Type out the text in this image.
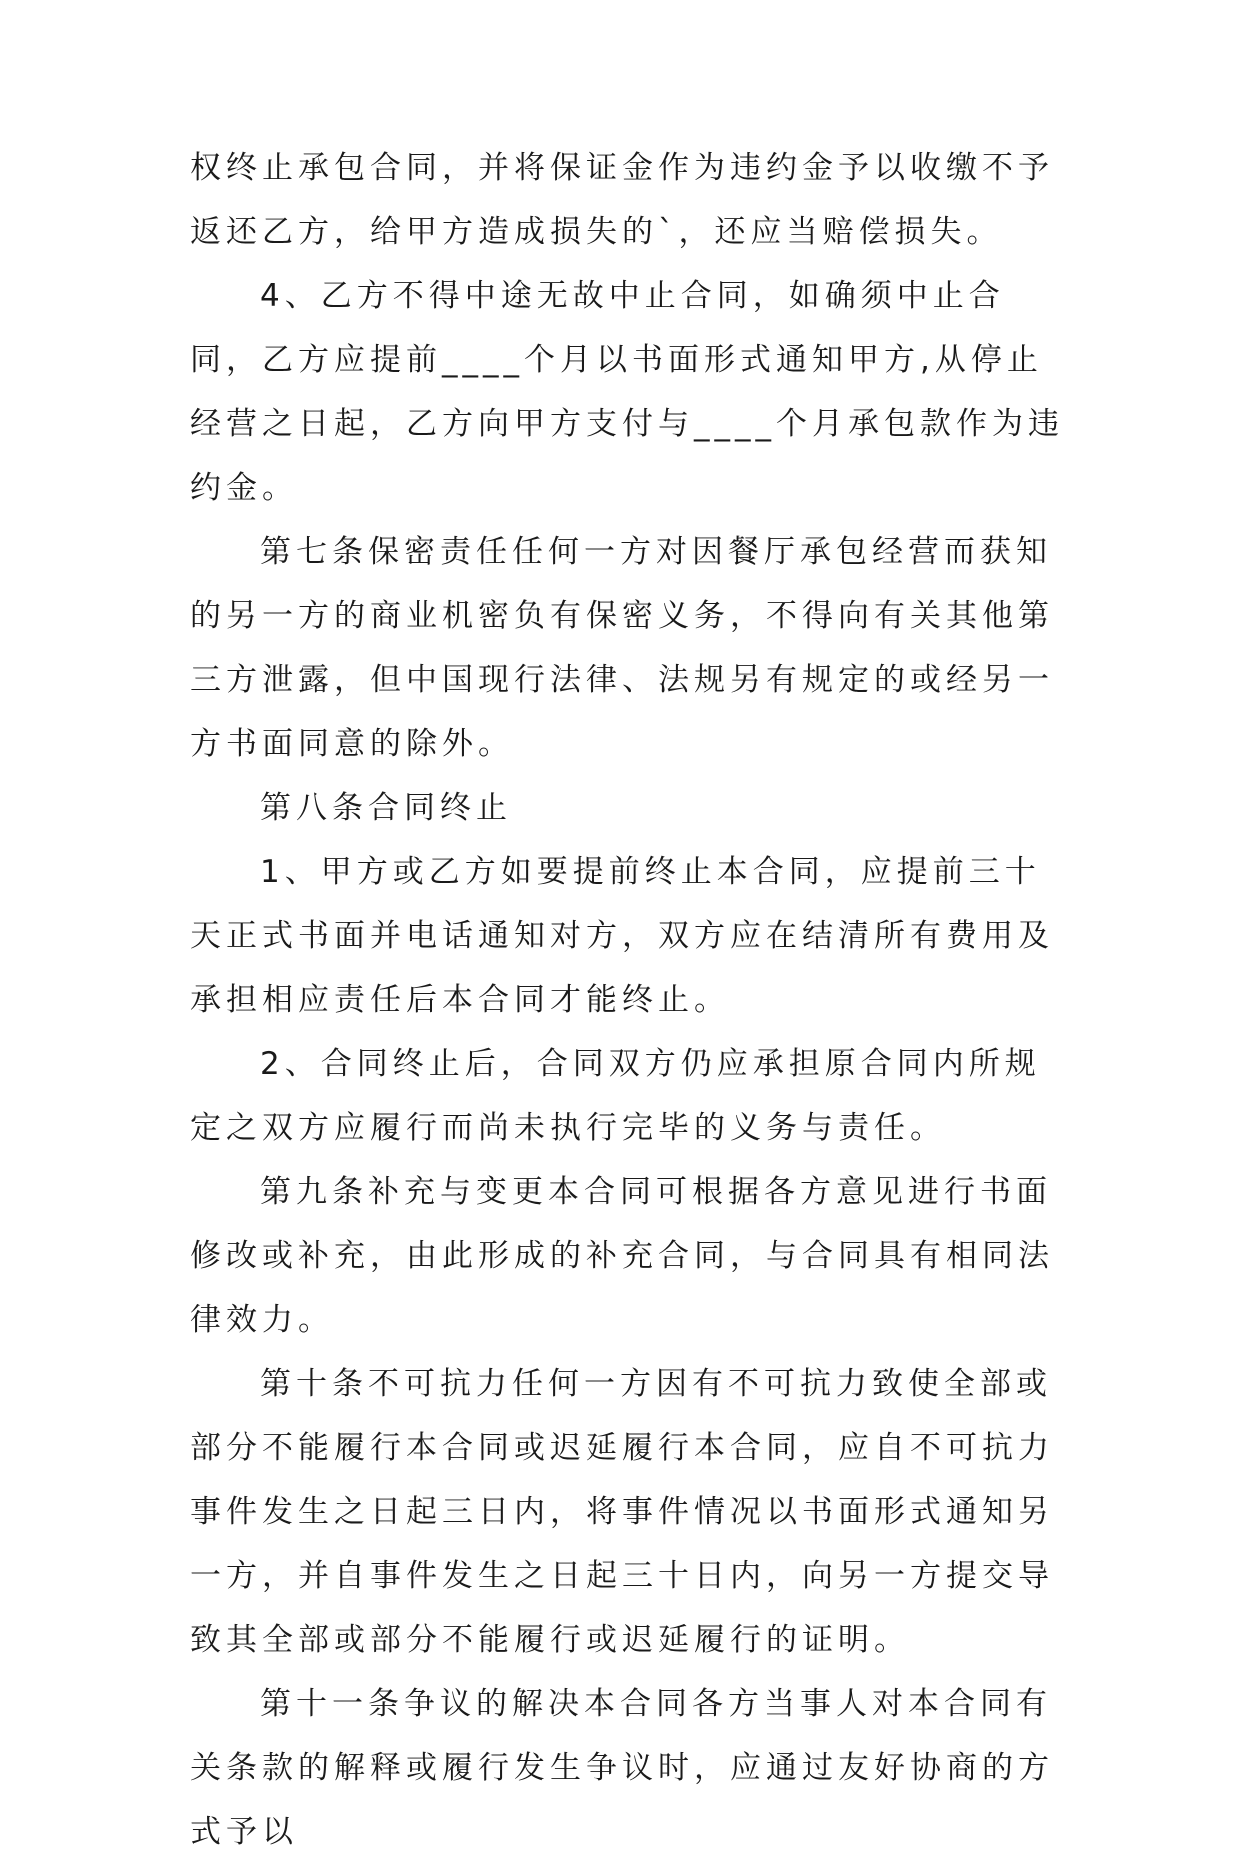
权终止承包合同，并将保证金作为违约金予以收缴不予返还乙方，给甲方造成损失的`，还应当赔偿损失。

4、乙方不得中途无故中止合同，如确须中止合同，乙方应提前____个月以书面形式通知甲方,从停止经营之日起，乙方向甲方支付与____个月承包款作为违约金。

第七条保密责任任何一方对因餐厅承包经营而获知的另一方的商业机密负有保密义务，不得向有关其他第三方泄露，但中国现行法律、法规另有规定的或经另一方书面同意的除外。

第八条合同终止

1、甲方或乙方如要提前终止本合同，应提前三十天正式书面并电话通知对方，双方应在结清所有费用及承担相应责任后本合同才能终止。

2、合同终止后，合同双方仍应承担原合同内所规定之双方应履行而尚未执行完毕的义务与责任。

第九条补充与变更本合同可根据各方意见进行书面修改或补充，由此形成的补充合同，与合同具有相同法律效力。

第十条不可抗力任何一方因有不可抗力致使全部或部分不能履行本合同或迟延履行本合同，应自不可抗力事件发生之日起三日内，将事件情况以书面形式通知另一方，并自事件发生之日起三十日内，向另一方提交导致其全部或部分不能履行或迟延履行的证明。

第十一条争议的解决本合同各方当事人对本合同有关条款的解释或履行发生争议时，应通过友好协商的方式予以
